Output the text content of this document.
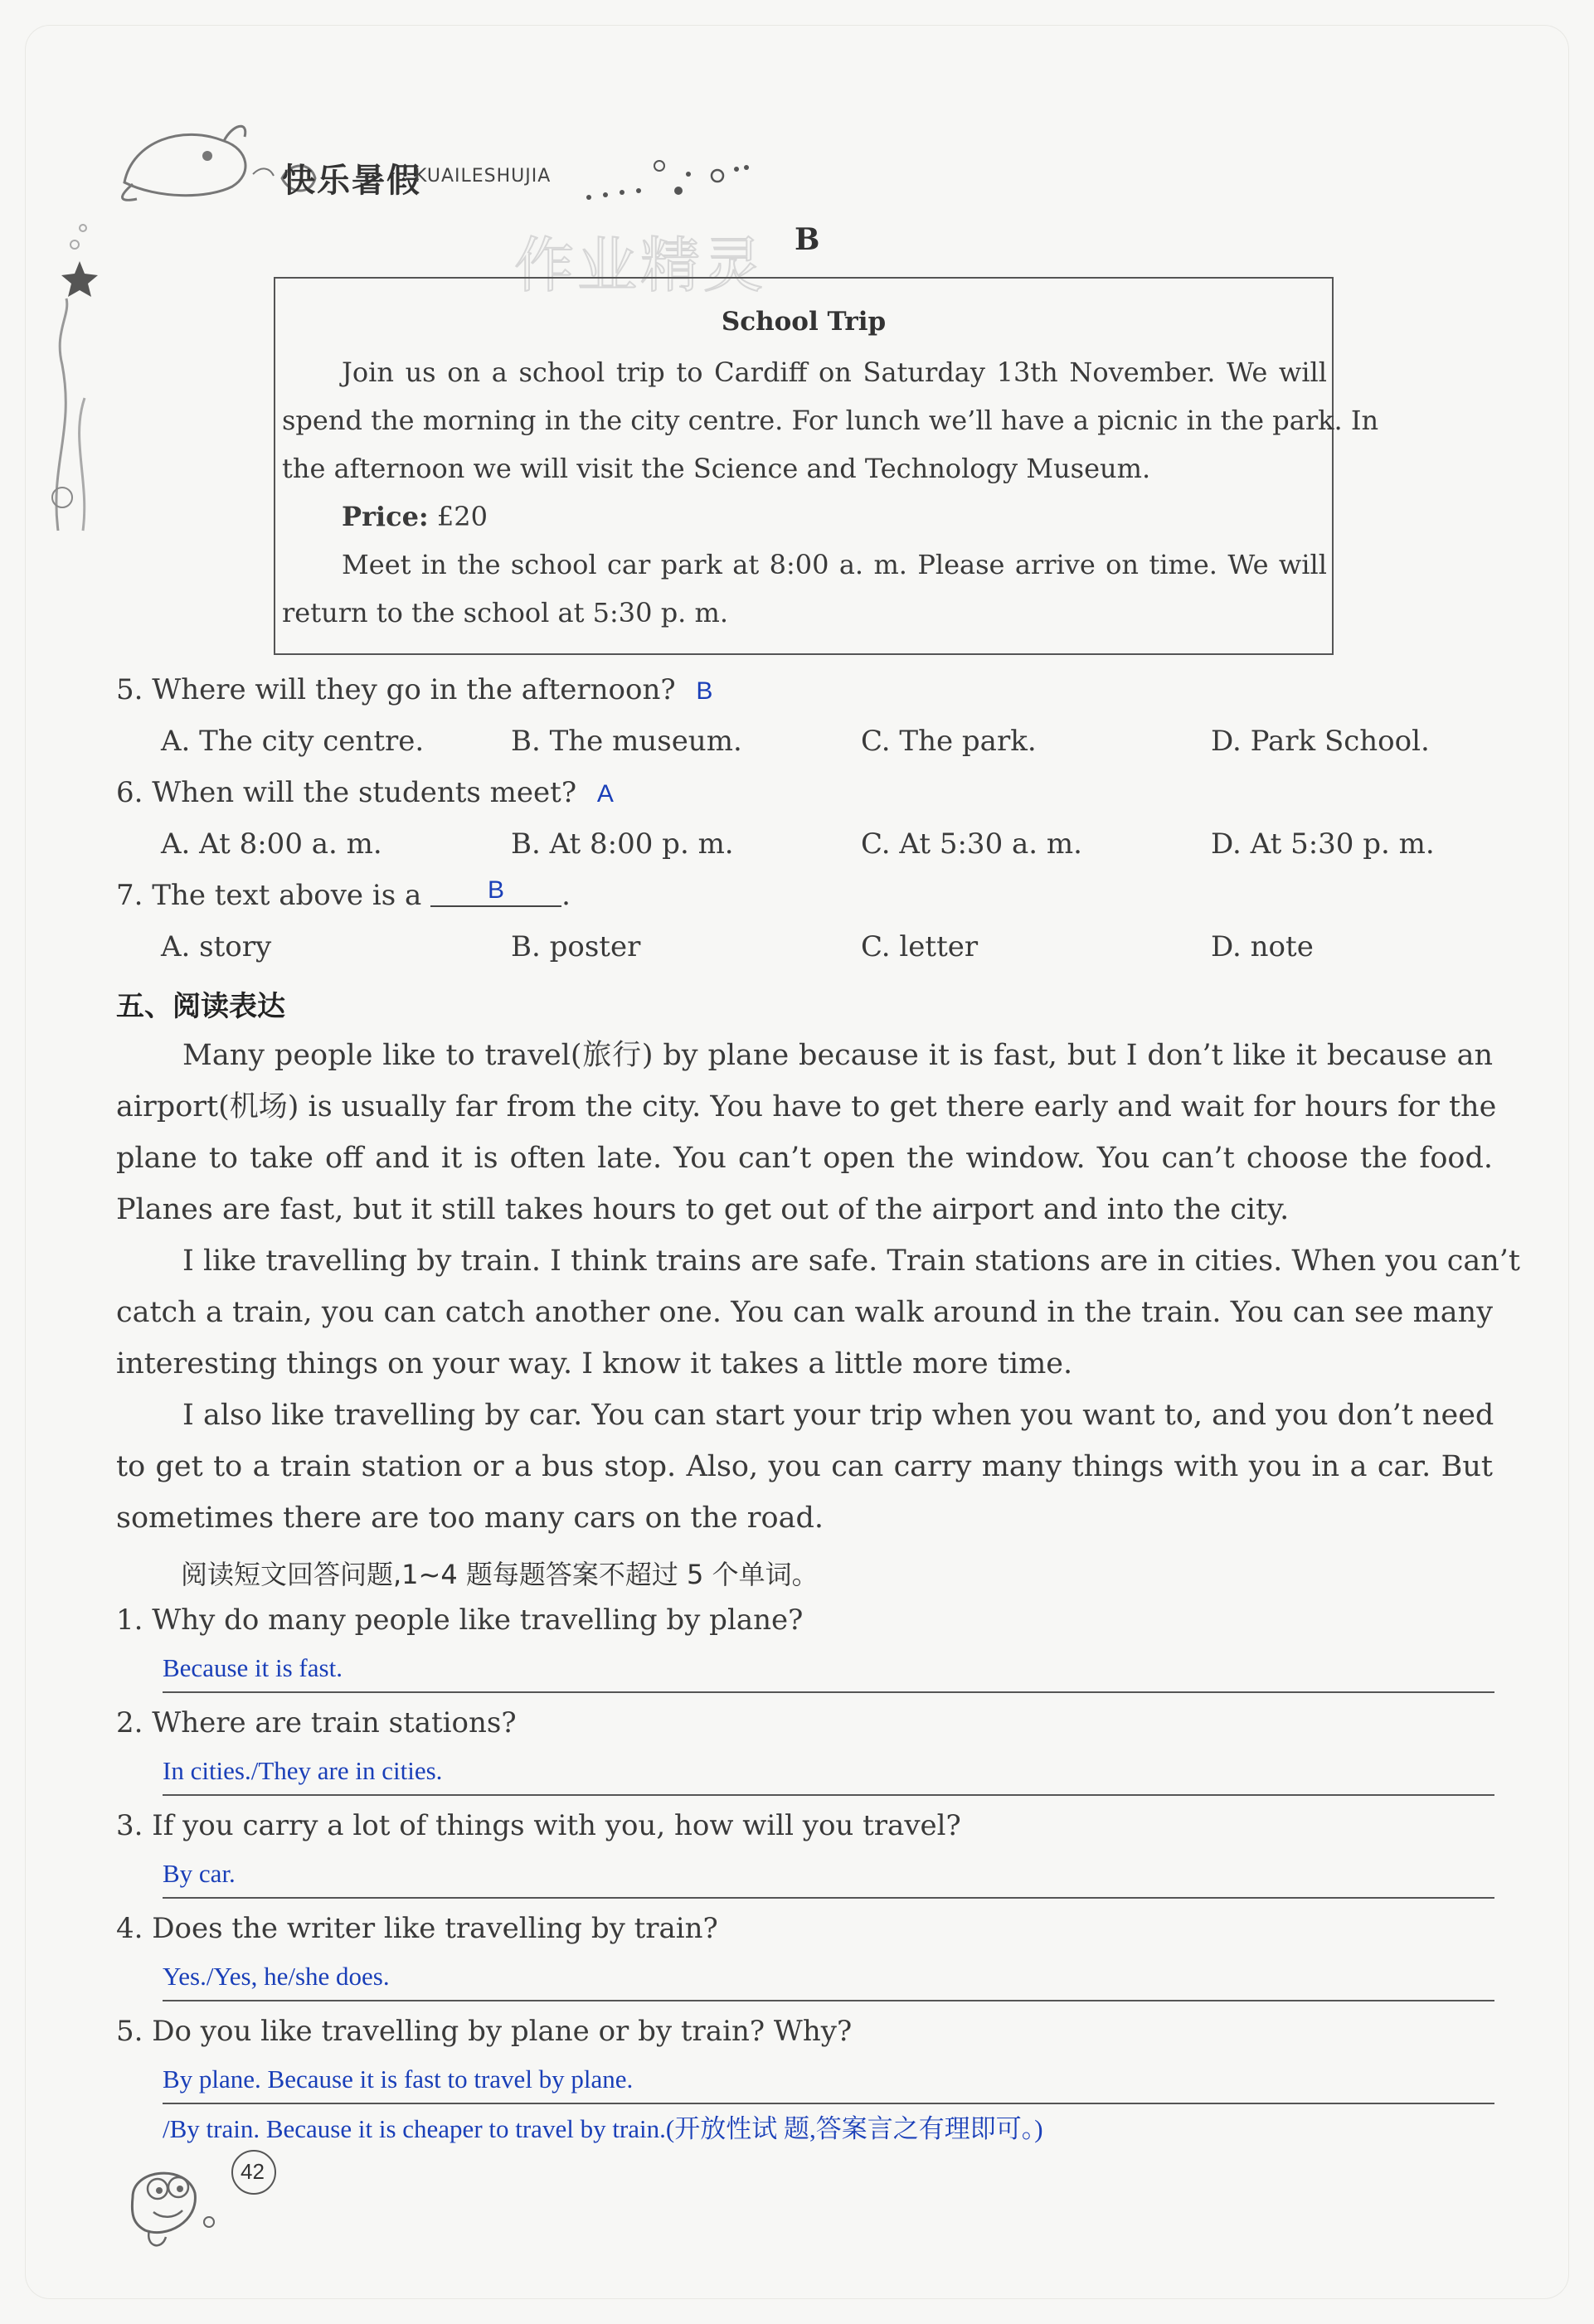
快乐暑假
KUAILESHUJIA
作业精灵 B
School Trip
Join us on a school trip to Cardiff on Saturday 13th November. We will
spend the morning in the city centre. For lunch we’ll have a picnic in the park. In
the afternoon we will visit the Science and Technology Museum.
Price: £20
Meet in the school car park at 8:00 a. m. Please arrive on time. We will
return to the school at 5:30 p. m.
5. Where will they go in the afternoon? B
A. The city centre.	B. The museum.	C. The park.	D. Park School.
6. When will the students meet? A
A. At 8:00 a. m.	B. At 8:00 p. m.	C. At 5:30 a. m.	D. At 5:30 p. m.
7. The text above is a	B .
A. story	B. poster	C. letter	D. note
五、阅读表达
Many people like to travel(旅行) by plane because it is fast, but I don’t like it because an
airport(机场) is usually far from the city. You have to get there early and wait for hours for the
plane to take off and it is often late. You can’t open the window. You can’t choose the food.
Planes are fast, but it still takes hours to get out of the airport and into the city.
I like travelling by train. I think trains are safe. Train stations are in cities. When you can’t
catch a train, you can catch another one. You can walk around in the train. You can see many
interesting things on your way. I know it takes a little more time.
I also like travelling by car. You can start your trip when you want to, and you don’t need
to get to a train station or a bus stop. Also, you can carry many things with you in a car. But
sometimes there are too many cars on the road.
阅读短文回答问题,1~4 题每题答案不超过 5 个单词。
1. Why do many people like travelling by plane?
Because it is fast.
2. Where are train stations?
In cities./They are in cities.
3. If you carry a lot of things with you, how will you travel?
By car.
4. Does the writer like travelling by train?
Yes./Yes, he/she does.
5. Do you like travelling by plane or by train? Why?
By plane. Because it is fast to travel by plane.
/By train. Because it is cheaper to travel by train.(开放性试 题,答案言之有理即可。)
42
